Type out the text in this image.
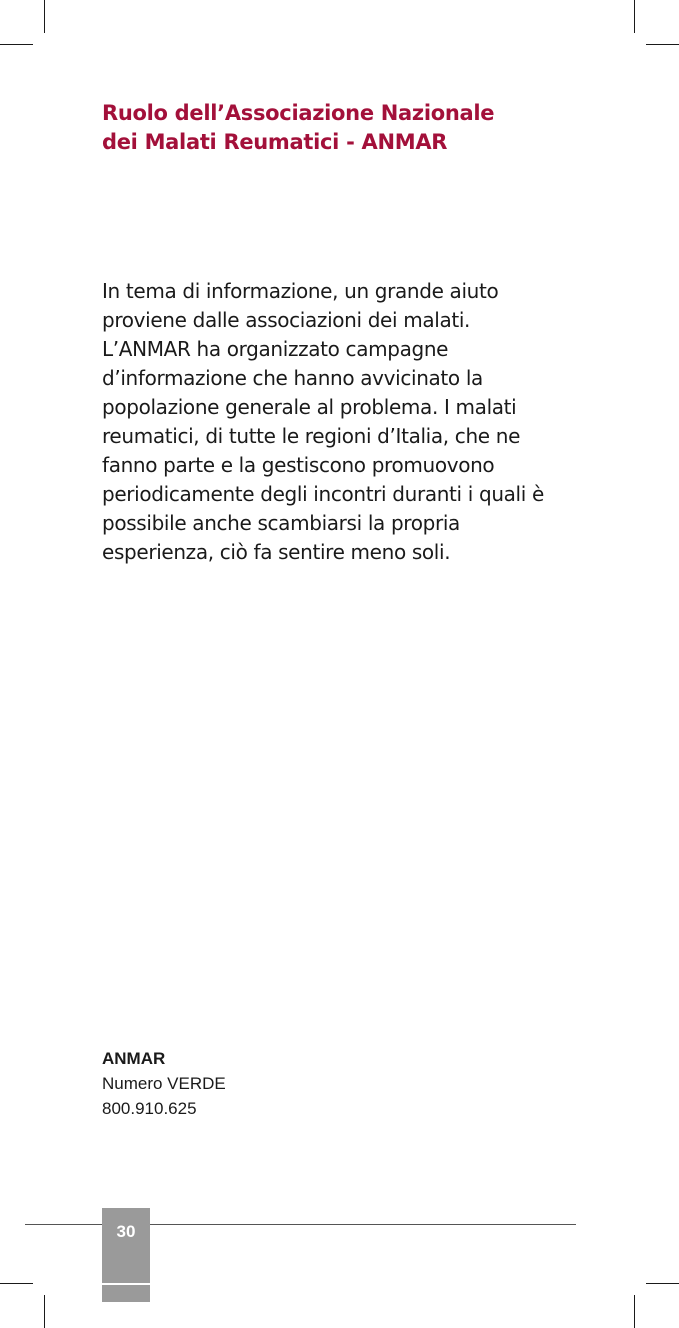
Ruolo dell’Associazione Nazionale
dei Malati Reumatici - ANMAR
In tema di informazione, un grande aiuto
proviene dalle associazioni dei malati.
L’ANMAR ha organizzato campagne
d’informazione che hanno avvicinato la
popolazione generale al problema. I malati
reumatici, di tutte le regioni d’Italia, che ne
fanno parte e la gestiscono promuovono
periodicamente degli incontri duranti i quali è
possibile anche scambiarsi la propria
esperienza, ciò fa sentire meno soli.
ANMAR
Numero VERDE
800.910.625
30
